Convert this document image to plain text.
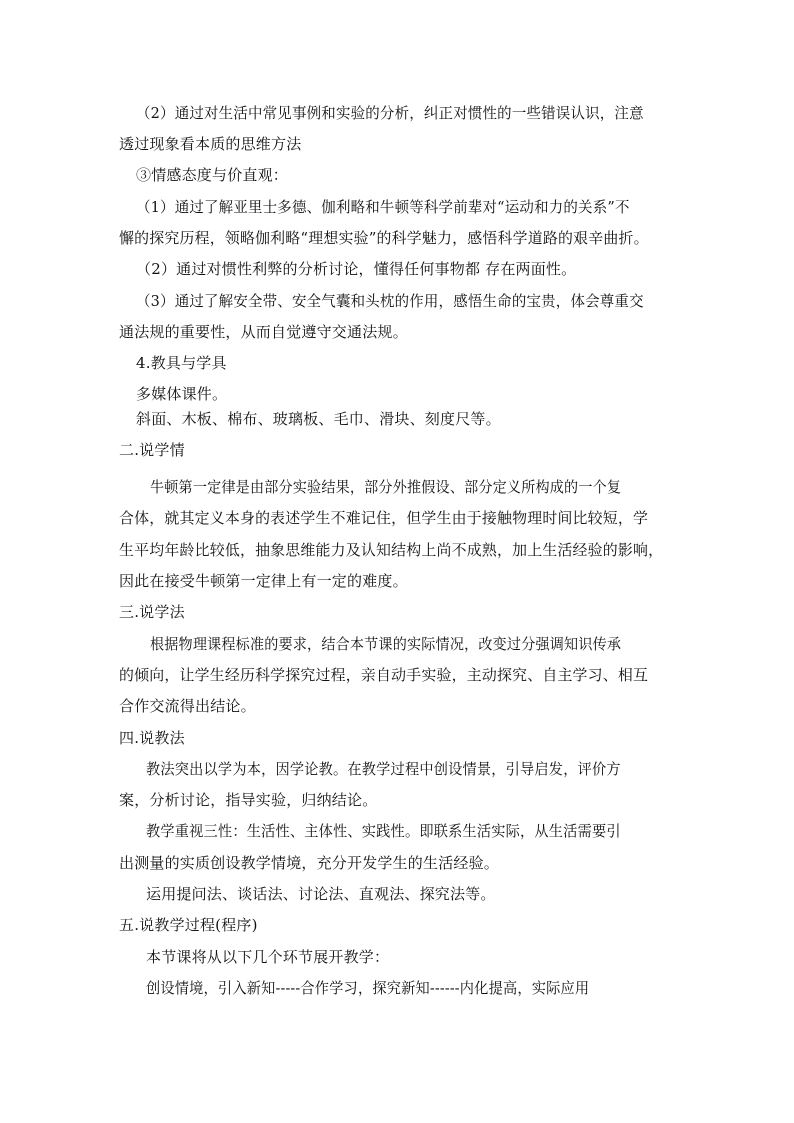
（2）通过对生活中常见事例和实验的分析，纠正对惯性的一些错误认识，注意
透过现象看本质的思维方法
③情感态度与价直观：
（1）通过了解亚里士多德、伽利略和牛顿等科学前辈对“运动和力的关系”不
懈的探究历程，领略伽利略“理想实验”的科学魅力，感悟科学道路的艰辛曲折。
（2）通过对惯性利弊的分析讨论，懂得任何事物都 存在两面性。
（3）通过了解安全带、安全气囊和头枕的作用，感悟生命的宝贵，体会尊重交
通法规的重要性，从而自觉遵守交通法规。
4.教具与学具
多媒体课件。
斜面、木板、棉布、玻璃板、毛巾、滑块、刻度尺等。
二.说学情
牛顿第一定律是由部分实验结果，部分外推假设、部分定义所构成的一个复
合体，就其定义本身的表述学生不难记住，但学生由于接触物理时间比较短，学
生平均年龄比较低，抽象思维能力及认知结构上尚不成熟，加上生活经验的影响，
因此在接受牛顿第一定律上有一定的难度。
三.说学法
根据物理课程标准的要求，结合本节课的实际情况，改变过分强调知识传承
的倾向，让学生经历科学探究过程，亲自动手实验，主动探究、自主学习、相互
合作交流得出结论。
四.说教法
教法突出以学为本，因学论教。在教学过程中创设情景，引导启发，评价方
案，分析讨论，指导实验，归纳结论。
教学重视三性：生活性、主体性、实践性。即联系生活实际，从生活需要引
出测量的实质创设教学情境，充分开发学生的生活经验。
运用提问法、谈话法、讨论法、直观法、探究法等。
五.说教学过程(程序)
本节课将从以下几个环节展开教学：
创设情境，引入新知-----合作学习，探究新知------内化提高，实际应用
